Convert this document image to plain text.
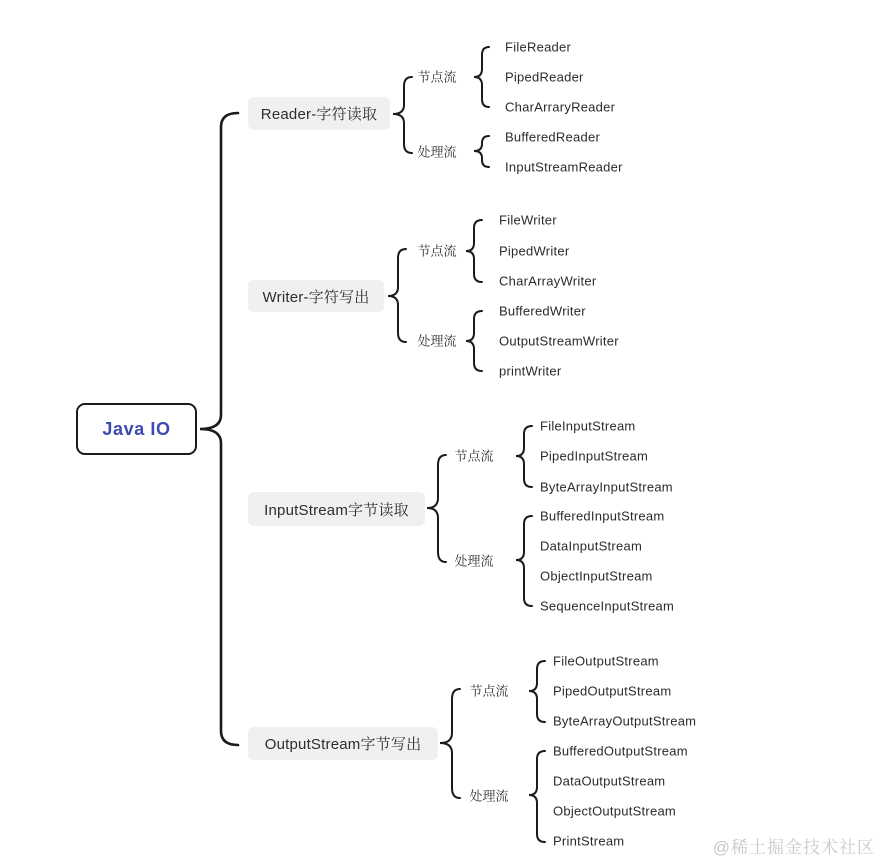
Java IO
Reader-字符读取
Writer-字符写出
InputStream字节读取
OutputStream字节写出
节点流
处理流
节点流
处理流
节点流
处理流
节点流
处理流
FileReader
PipedReader
CharArraryReader
BufferedReader
InputStreamReader
FileWriter
PipedWriter
CharArrayWriter
BufferedWriter
OutputStreamWriter
printWriter
FileInputStream
PipedInputStream
ByteArrayInputStream
BufferedInputStream
DataInputStream
ObjectInputStream
SequenceInputStream
FileOutputStream
PipedOutputStream
ByteArrayOutputStream
BufferedOutputStream
DataOutputStream
ObjectOutputStream
PrintStream	@稀土掘金技术社区
